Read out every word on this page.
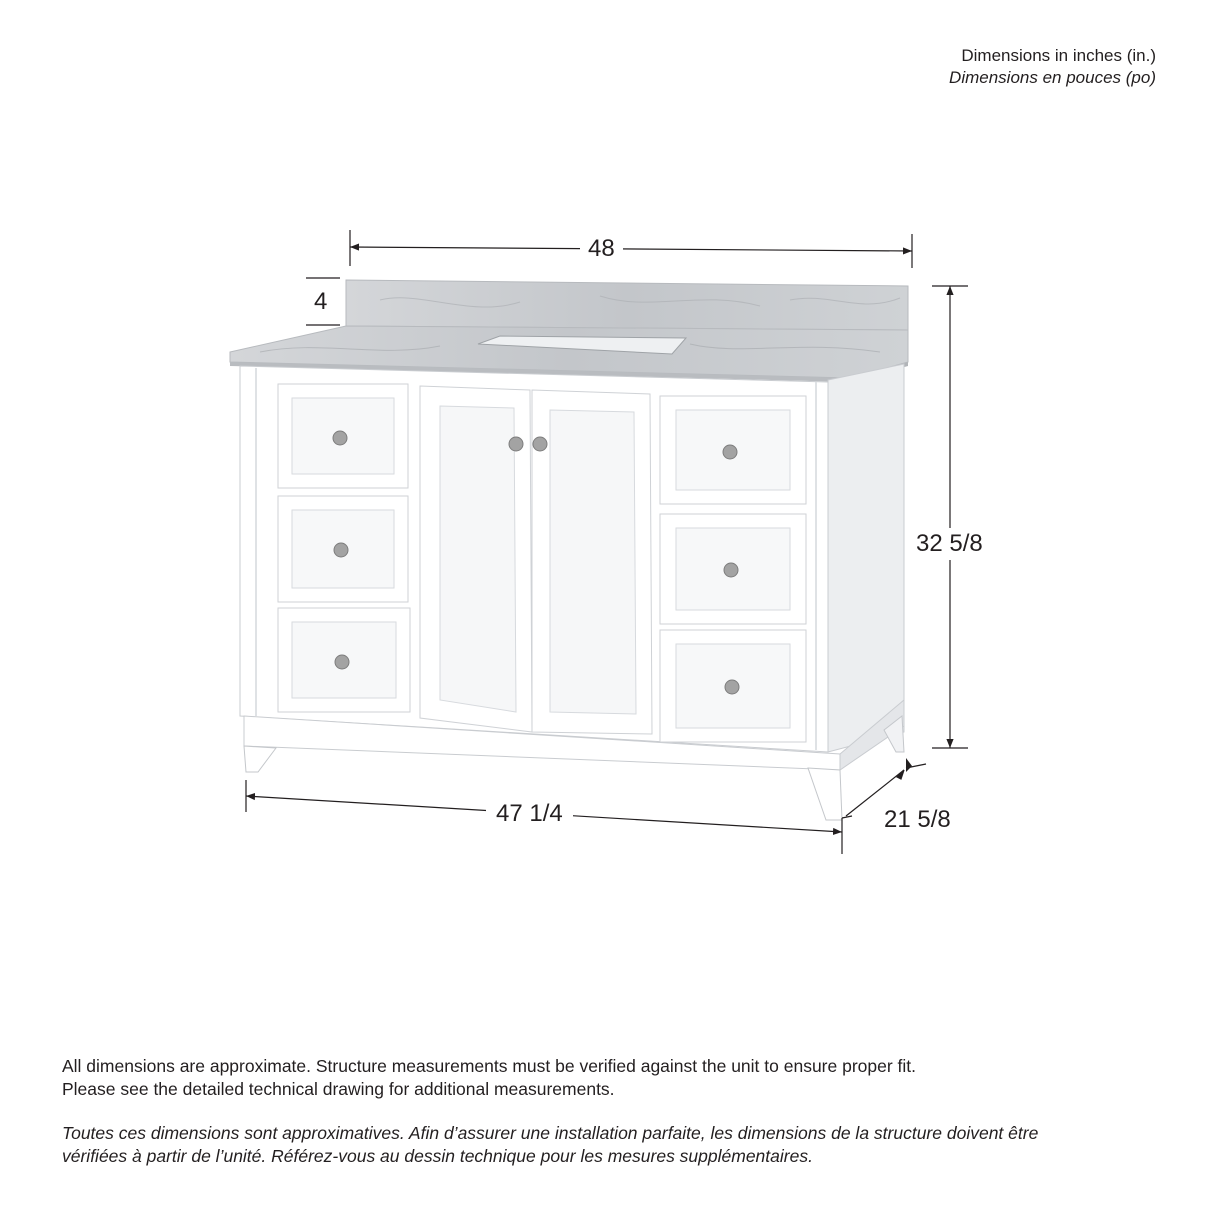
Dimensions in inches (in.)
Dimensions en pouces (po)
48
4
32 5/8
47 1/4	21 5/8

All dimensions are approximate. Structure measurements must be verified against the unit to ensure proper fit.

Please see the detailed technical drawing for additional measurements.

Toutes ces dimensions sont approximatives. Afin d’assurer une installation parfaite, les dimensions de la structure doivent être

vérifiées à partir de l’unité. Référez-vous au dessin technique pour les mesures supplémentaires.
